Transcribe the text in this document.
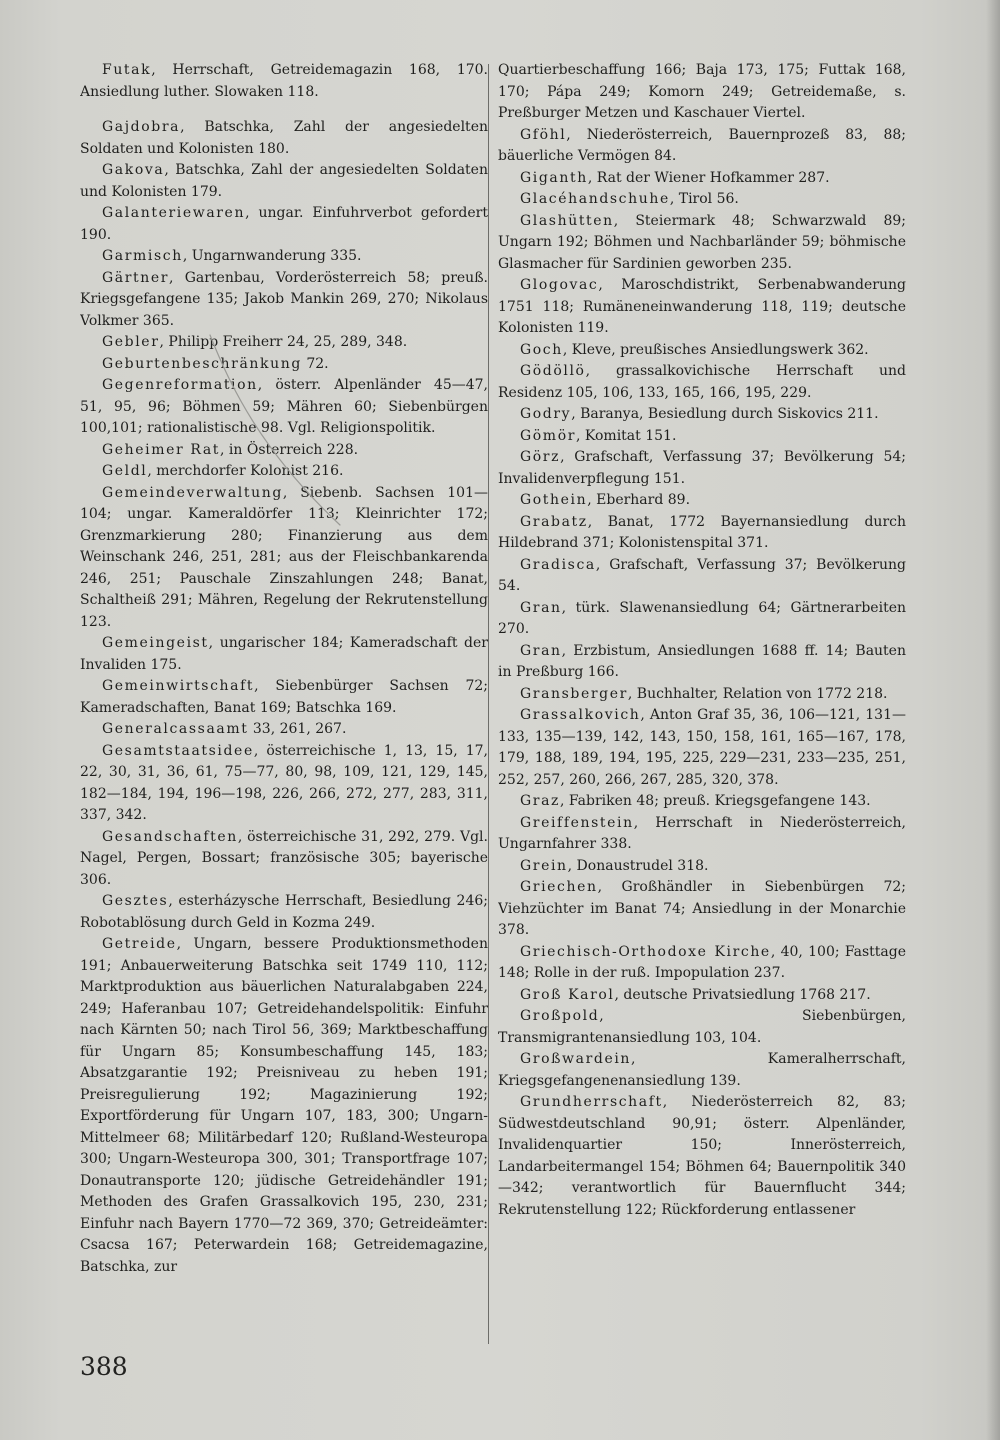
Futak, Herrschaft, Getreidemagazin 168, 170. Ansiedlung luther. Slowaken 118.

Gajdobra, Batschka, Zahl der angesiedelten Soldaten und Kolonisten 180.

Gakova, Batschka, Zahl der angesiedelten Soldaten und Kolonisten 179.

Galanteriewaren, ungar. Einfuhrverbot gefordert 190.

Garmisch, Ungarnwanderung 335.

Gärtner, Gartenbau, Vorderösterreich 58; preuß. Kriegsgefangene 135; Jakob Mankin 269, 270; Nikolaus Volkmer 365.

Gebler, Philipp Freiherr 24, 25, 289, 348.

Geburtenbeschränkung 72.

Gegenreformation, österr. Alpenländer 45—47, 51, 95, 96; Böhmen 59; Mähren 60; Siebenbürgen 100,101; rationalistische 98. Vgl. Religionspolitik.

Geheimer Rat, in Österreich 228.

Geldl, merchdorfer Kolonist 216.

Gemeindeverwaltung, Siebenb. Sachsen 101—104; ungar. Kameraldörfer 113; Kleinrichter 172; Grenzmarkierung 280; Finanzierung aus dem Weinschank 246, 251, 281; aus der Fleischbankarenda 246, 251; Pauschale Zinszahlungen 248; Banat, Schaltheiß 291; Mähren, Regelung der Rekrutenstellung 123.

Gemeingeist, ungarischer 184; Kameradschaft der Invaliden 175.

Gemeinwirtschaft, Siebenbürger Sachsen 72; Kameradschaften, Banat 169; Batschka 169.

Generalcassaamt 33, 261, 267.

Gesamtstaatsidee, österreichische 1, 13, 15, 17, 22, 30, 31, 36, 61, 75—77, 80, 98, 109, 121, 129, 145, 182—184, 194, 196—198, 226, 266, 272, 277, 283, 311, 337, 342.

Gesandschaften, österreichische 31, 292, 279. Vgl. Nagel, Pergen, Bossart; französische 305; bayerische 306.

Gesztes, esterházysche Herrschaft, Besiedlung 246; Robotablösung durch Geld in Kozma 249.

Getreide, Ungarn, bessere Produktionsmethoden 191; Anbauerweiterung Batschka seit 1749 110, 112; Marktproduktion aus bäuerlichen Naturalabgaben 224, 249; Haferanbau 107; Getreidehandelspolitik: Einfuhr nach Kärnten 50; nach Tirol 56, 369; Marktbeschaffung für Ungarn 85; Konsumbeschaffung 145, 183; Absatzgarantie 192; Preisniveau zu heben 191; Preisregulierung 192; Magazinierung 192; Exportförderung für Ungarn 107, 183, 300; Ungarn-Mittelmeer 68; Militärbedarf 120; Rußland-Westeuropa 300; Ungarn-Westeuropa 300, 301; Transportfrage 107; Donautransporte 120; jüdische Getreidehändler 191; Methoden des Grafen Grassalkovich 195, 230, 231; Einfuhr nach Bayern 1770—72 369, 370; Getreideämter: Csacsa 167; Peterwardein 168; Getreidemagazine, Batschka, zur

Quartierbeschaffung 166; Baja 173, 175; Futtak 168, 170; Pápa 249; Komorn 249; Getreidemaße, s. Preßburger Metzen und Kaschauer Viertel.

Gföhl, Niederösterreich, Bauernprozeß 83, 88; bäuerliche Vermögen 84.

Giganth, Rat der Wiener Hofkammer 287.

Glacéhandschuhe, Tirol 56.

Glashütten, Steiermark 48; Schwarzwald 89; Ungarn 192; Böhmen und Nachbarländer 59; böhmische Glasmacher für Sardinien geworben 235.

Glogovac, Maroschdistrikt, Serbenabwanderung 1751 118; Rumäneneinwanderung 118, 119; deutsche Kolonisten 119.

Goch, Kleve, preußisches Ansiedlungswerk 362.

Gödöllö, grassalkovichische Herrschaft und Residenz 105, 106, 133, 165, 166, 195, 229.

Godry, Baranya, Besiedlung durch Siskovics 211.

Gömör, Komitat 151.

Görz, Grafschaft, Verfassung 37; Bevölkerung 54; Invalidenverpflegung 151.

Gothein, Eberhard 89.

Grabatz, Banat, 1772 Bayernansiedlung durch Hildebrand 371; Kolonistenspital 371.

Gradisca, Grafschaft, Verfassung 37; Bevölkerung 54.

Gran, türk. Slawenansiedlung 64; Gärtnerarbeiten 270.

Gran, Erzbistum, Ansiedlungen 1688 ff. 14; Bauten in Preßburg 166.

Gransberger, Buchhalter, Relation von 1772 218.

Grassalkovich, Anton Graf 35, 36, 106—121, 131—133, 135—139, 142, 143, 150, 158, 161, 165—167, 178, 179, 188, 189, 194, 195, 225, 229—231, 233—235, 251, 252, 257, 260, 266, 267, 285, 320, 378.

Graz, Fabriken 48; preuß. Kriegsgefangene 143.

Greiffenstein, Herrschaft in Niederösterreich, Ungarnfahrer 338.

Grein, Donaustrudel 318.

Griechen, Großhändler in Siebenbürgen 72; Viehzüchter im Banat 74; Ansiedlung in der Monarchie 378.

Griechisch-Orthodoxe Kirche, 40, 100; Fasttage 148; Rolle in der ruß. Impopulation 237.

Groß Karol, deutsche Privatsiedlung 1768 217.

Großpold, Siebenbürgen, Transmigrantenansiedlung 103, 104.

Großwardein, Kameralherrschaft, Kriegsgefangenenansiedlung 139.

Grundherrschaft, Niederösterreich 82, 83; Südwestdeutschland 90,91; österr. Alpenländer, Invalidenquartier 150; Innerösterreich, Landarbeitermangel 154; Böhmen 64; Bauernpolitik 340—342; verantwortlich für Bauernflucht 344; Rekrutenstellung 122; Rückforderung entlassener

388
